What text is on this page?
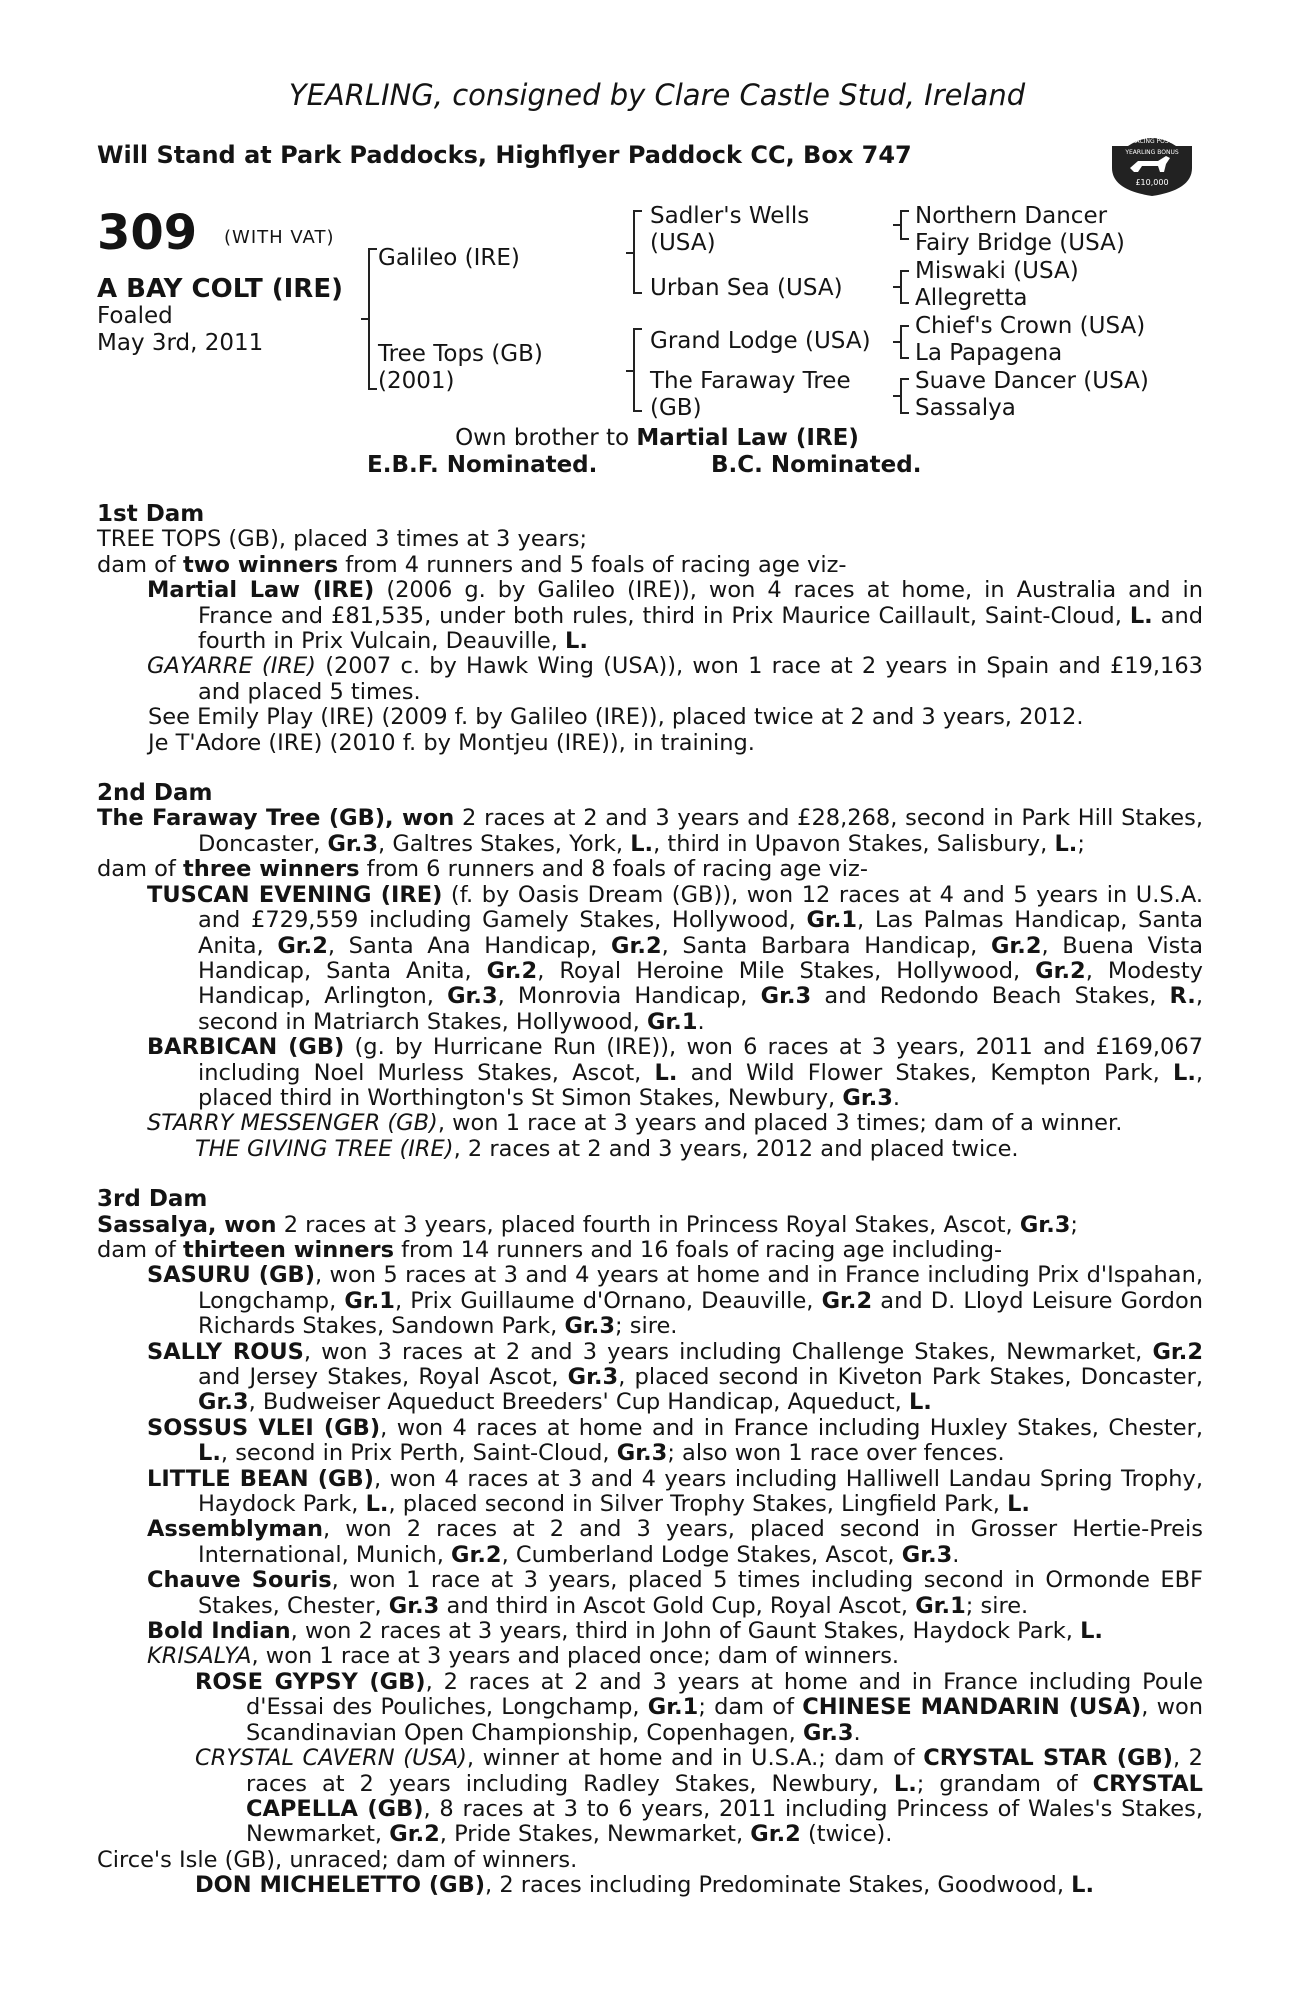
YEARLING, consigned by Clare Castle Stud, Ireland
Will Stand at Park Paddocks, Highflyer Paddock CC, Box 747	RACING POST
YEARLING BONUS
£10,000
309 (WITH VAT)
A BAY COLT (IRE)
Foaled
May 3rd, 2011
Galileo (IRE)
Tree Tops (GB)
(2001)
Sadler's Wells
(USA)
Urban Sea (USA)
Grand Lodge (USA)
The Faraway Tree
(GB)
Northern Dancer
Fairy Bridge (USA)
Miswaki (USA)
Allegretta
Chief's Crown (USA)
La Papagena
Suave Dancer (USA)
Sassalya
Own brother to Martial Law (IRE)
E.B.F. Nominated.	B.C. Nominated.

1st Dam

TREE TOPS (GB), placed 3 times at 3 years;

dam of two winners from 4 runners and 5 foals of racing age viz-

Martial Law (IRE) (2006 g. by Galileo (IRE)), won 4 races at home, in Australia and in France and £81,535, under both rules, third in Prix Maurice Caillault, Saint-Cloud, L. and fourth in Prix Vulcain, Deauville, L.

GAYARRE (IRE) (2007 c. by Hawk Wing (USA)), won 1 race at 2 years in Spain and £19,163 and placed 5 times.

See Emily Play (IRE) (2009 f. by Galileo (IRE)), placed twice at 2 and 3 years, 2012.

Je T'Adore (IRE) (2010 f. by Montjeu (IRE)), in training.

2nd Dam

The Faraway Tree (GB), won 2 races at 2 and 3 years and £28,268, second in Park Hill Stakes, Doncaster, Gr.3, Galtres Stakes, York, L., third in Upavon Stakes, Salisbury, L.;

dam of three winners from 6 runners and 8 foals of racing age viz-

TUSCAN EVENING (IRE) (f. by Oasis Dream (GB)), won 12 races at 4 and 5 years in U.S.A. and £729,559 including Gamely Stakes, Hollywood, Gr.1, Las Palmas Handicap, Santa Anita, Gr.2, Santa Ana Handicap, Gr.2, Santa Barbara Handicap, Gr.2, Buena Vista Handicap, Santa Anita, Gr.2, Royal Heroine Mile Stakes, Hollywood, Gr.2, Modesty Handicap, Arlington, Gr.3, Monrovia Handicap, Gr.3 and Redondo Beach Stakes, R., second in Matriarch Stakes, Hollywood, Gr.1.

BARBICAN (GB) (g. by Hurricane Run (IRE)), won 6 races at 3 years, 2011 and £169,067 including Noel Murless Stakes, Ascot, L. and Wild Flower Stakes, Kempton Park, L., placed third in Worthington's St Simon Stakes, Newbury, Gr.3.

STARRY MESSENGER (GB), won 1 race at 3 years and placed 3 times; dam of a winner.

THE GIVING TREE (IRE), 2 races at 2 and 3 years, 2012 and placed twice.

3rd Dam

Sassalya, won 2 races at 3 years, placed fourth in Princess Royal Stakes, Ascot, Gr.3;

dam of thirteen winners from 14 runners and 16 foals of racing age including-

SASURU (GB), won 5 races at 3 and 4 years at home and in France including Prix d'Ispahan, Longchamp, Gr.1, Prix Guillaume d'Ornano, Deauville, Gr.2 and D. Lloyd Leisure Gordon Richards Stakes, Sandown Park, Gr.3; sire.

SALLY ROUS, won 3 races at 2 and 3 years including Challenge Stakes, Newmarket, Gr.2 and Jersey Stakes, Royal Ascot, Gr.3, placed second in Kiveton Park Stakes, Doncaster, Gr.3, Budweiser Aqueduct Breeders' Cup Handicap, Aqueduct, L.

SOSSUS VLEI (GB), won 4 races at home and in France including Huxley Stakes, Chester, L., second in Prix Perth, Saint-Cloud, Gr.3; also won 1 race over fences.

LITTLE BEAN (GB), won 4 races at 3 and 4 years including Halliwell Landau Spring Trophy, Haydock Park, L., placed second in Silver Trophy Stakes, Lingfield Park, L.

Assemblyman, won 2 races at 2 and 3 years, placed second in Grosser Hertie-Preis International, Munich, Gr.2, Cumberland Lodge Stakes, Ascot, Gr.3.

Chauve Souris, won 1 race at 3 years, placed 5 times including second in Ormonde EBF Stakes, Chester, Gr.3 and third in Ascot Gold Cup, Royal Ascot, Gr.1; sire.

Bold Indian, won 2 races at 3 years, third in John of Gaunt Stakes, Haydock Park, L.

KRISALYA, won 1 race at 3 years and placed once; dam of winners.

ROSE GYPSY (GB), 2 races at 2 and 3 years at home and in France including Poule d'Essai des Pouliches, Longchamp, Gr.1; dam of CHINESE MANDARIN (USA), won Scandinavian Open Championship, Copenhagen, Gr.3.

CRYSTAL CAVERN (USA), winner at home and in U.S.A.; dam of CRYSTAL STAR (GB), 2 races at 2 years including Radley Stakes, Newbury, L.; grandam of CRYSTAL CAPELLA (GB), 8 races at 3 to 6 years, 2011 including Princess of Wales's Stakes, Newmarket, Gr.2, Pride Stakes, Newmarket, Gr.2 (twice).

Circe's Isle (GB), unraced; dam of winners.

DON MICHELETTO (GB), 2 races including Predominate Stakes, Goodwood, L.
